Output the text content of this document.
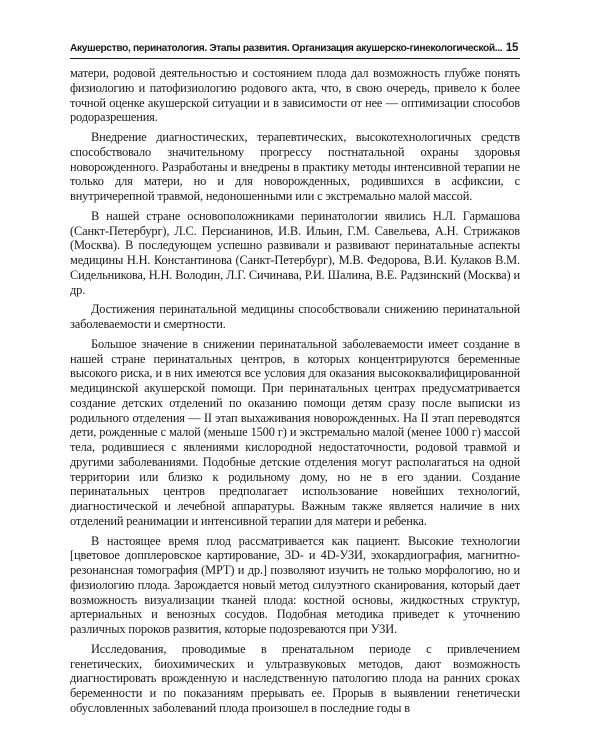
Акушерство, перинатология. Этапы развития. Организация акушерско-гинекологической... 15

матери, родовой деятельностью и состоянием плода дал возможность глубже понять физиологию и патофизиологию родового акта, что, в свою очередь, привело к более точной оценке акушерской ситуации и в зависимости от нее — оптимизации способов родоразрешения.

Внедрение диагностических, терапевтических, высокотехнологичных средств способствовало значительному прогрессу постнатальной охраны здоровья новорожденного. Разработаны и внедрены в практику методы интенсивной терапии не только для матери, но и для новорожденных, родившихся в асфиксии, с внутричерепной травмой, недоношенными или с экстремально малой массой.

В нашей стране основоположниками перинатологии явились Н.Л. Гармашова (Санкт-Петербург), Л.С. Персианинов, И.В. Ильин, Г.М. Савельева, А.Н. Стрижаков (Москва). В последующем успешно развивали и развивают перинатальные аспекты медицины Н.Н. Константинова (Санкт-Петербург), М.В. Федорова, В.И. Кулаков В.М. Сидельникова, Н.Н. Володин, Л.Г. Сичинава, Р.И. Шалина, В.Е. Радзинский (Москва) и др.

Достижения перинатальной медицины способствовали снижению перинатальной заболеваемости и смертности.

Большое значение в снижении перинатальной заболеваемости имеет создание в нашей стране перинатальных центров, в которых концентрируются беременные высокого риска, и в них имеются все условия для оказания высококвалифицированной медицинской акушерской помощи. При перинатальных центрах предусматривается создание детских отделений по оказанию помощи детям сразу после выписки из родильного отделения — II этап выхаживания новорожденных. На II этап переводятся дети, рожденные с малой (меньше 1500 г) и экстремально малой (менее 1000 г) массой тела, родившиеся с явлениями кислородной недостаточности, родовой травмой и другими заболеваниями. Подобные детские отделения могут располагаться на одной территории или близко к родильному дому, но не в его здании. Создание перинатальных центров предполагает использование новейших технологий, диагностической и лечебной аппаратуры. Важным также является наличие в них отделений реанимации и интенсивной терапии для матери и ребенка.

В настоящее время плод рассматривается как пациент. Высокие технологии [цветовое допплеровское картирование, 3D- и 4D-УЗИ, эхокардиография, магнитно-резонансная томография (МРТ) и др.] позволяют изучить не только морфологию, но и физиологию плода. Зарождается новый метод силуэтного сканирования, который дает возможность визуализации тканей плода: костной основы, жидкостных структур, артериальных и венозных сосудов. Подобная методика приведет к уточнению различных пороков развития, которые подозреваются при УЗИ.

Исследования, проводимые в пренатальном периоде с привлечением генетических, биохимических и ультразвуковых методов, дают возможность диагностировать врожденную и наследственную патологию плода на ранних сроках беременности и по показаниям прерывать ее. Прорыв в выявлении генетически обусловленных заболеваний плода произошел в последние годы в
